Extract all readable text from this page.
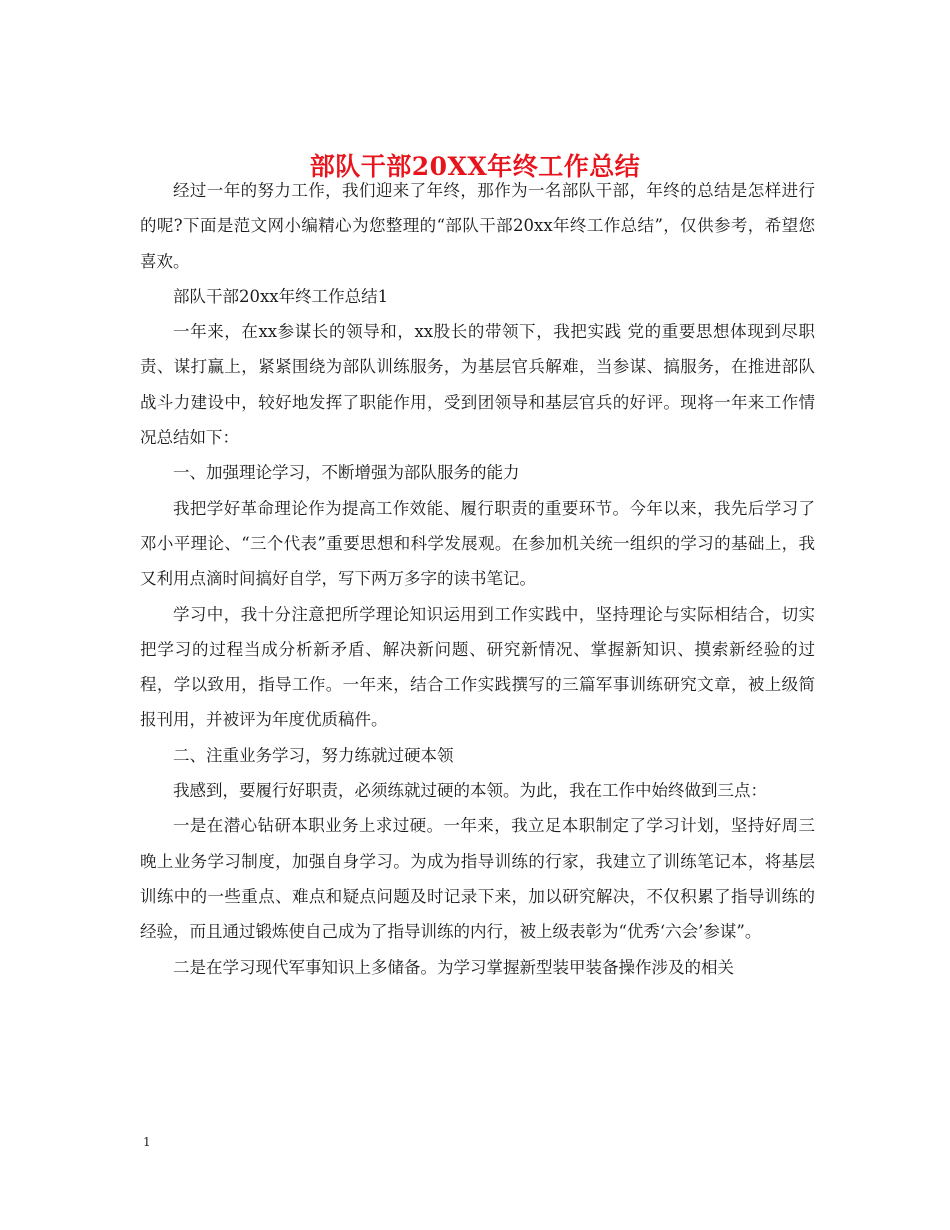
部队干部20XX年终工作总结

经过一年的努力工作，我们迎来了年终，那作为一名部队干部，年终的总结是怎样进行的呢?下面是范文网小编精心为您整理的“部队干部20xx年终工作总结”，仅供参考，希望您喜欢。

部队干部20xx年终工作总结1

一年来，在xx参谋长的领导和，xx股长的带领下，我把实践 党的重要思想体现到尽职责、谋打赢上，紧紧围绕为部队训练服务，为基层官兵解难，当参谋、搞服务，在推进部队战斗力建设中，较好地发挥了职能作用，受到团领导和基层官兵的好评。现将一年来工作情况总结如下：

一、加强理论学习，不断增强为部队服务的能力

我把学好革命理论作为提高工作效能、履行职责的重要环节。今年以来，我先后学习了邓小平理论、“三个代表”重要思想和科学发展观。在参加机关统一组织的学习的基础上，我又利用点滴时间搞好自学，写下两万多字的读书笔记。

学习中，我十分注意把所学理论知识运用到工作实践中，坚持理论与实际相结合，切实把学习的过程当成分析新矛盾、解决新问题、研究新情况、掌握新知识、摸索新经验的过程，学以致用，指导工作。一年来，结合工作实践撰写的三篇军事训练研究文章，被上级简报刊用，并被评为年度优质稿件。

二、注重业务学习，努力练就过硬本领

我感到，要履行好职责，必须练就过硬的本领。为此，我在工作中始终做到三点：

一是在潜心钻研本职业务上求过硬。一年来，我立足本职制定了学习计划，坚持好周三晚上业务学习制度，加强自身学习。为成为指导训练的行家，我建立了训练笔记本，将基层训练中的一些重点、难点和疑点问题及时记录下来，加以研究解决，不仅积累了指导训练的经验，而且通过锻炼使自己成为了指导训练的内行，被上级表彰为“优秀‘六会’参谋”。

二是在学习现代军事知识上多储备。为学习掌握新型装甲装备操作涉及的相关

1
